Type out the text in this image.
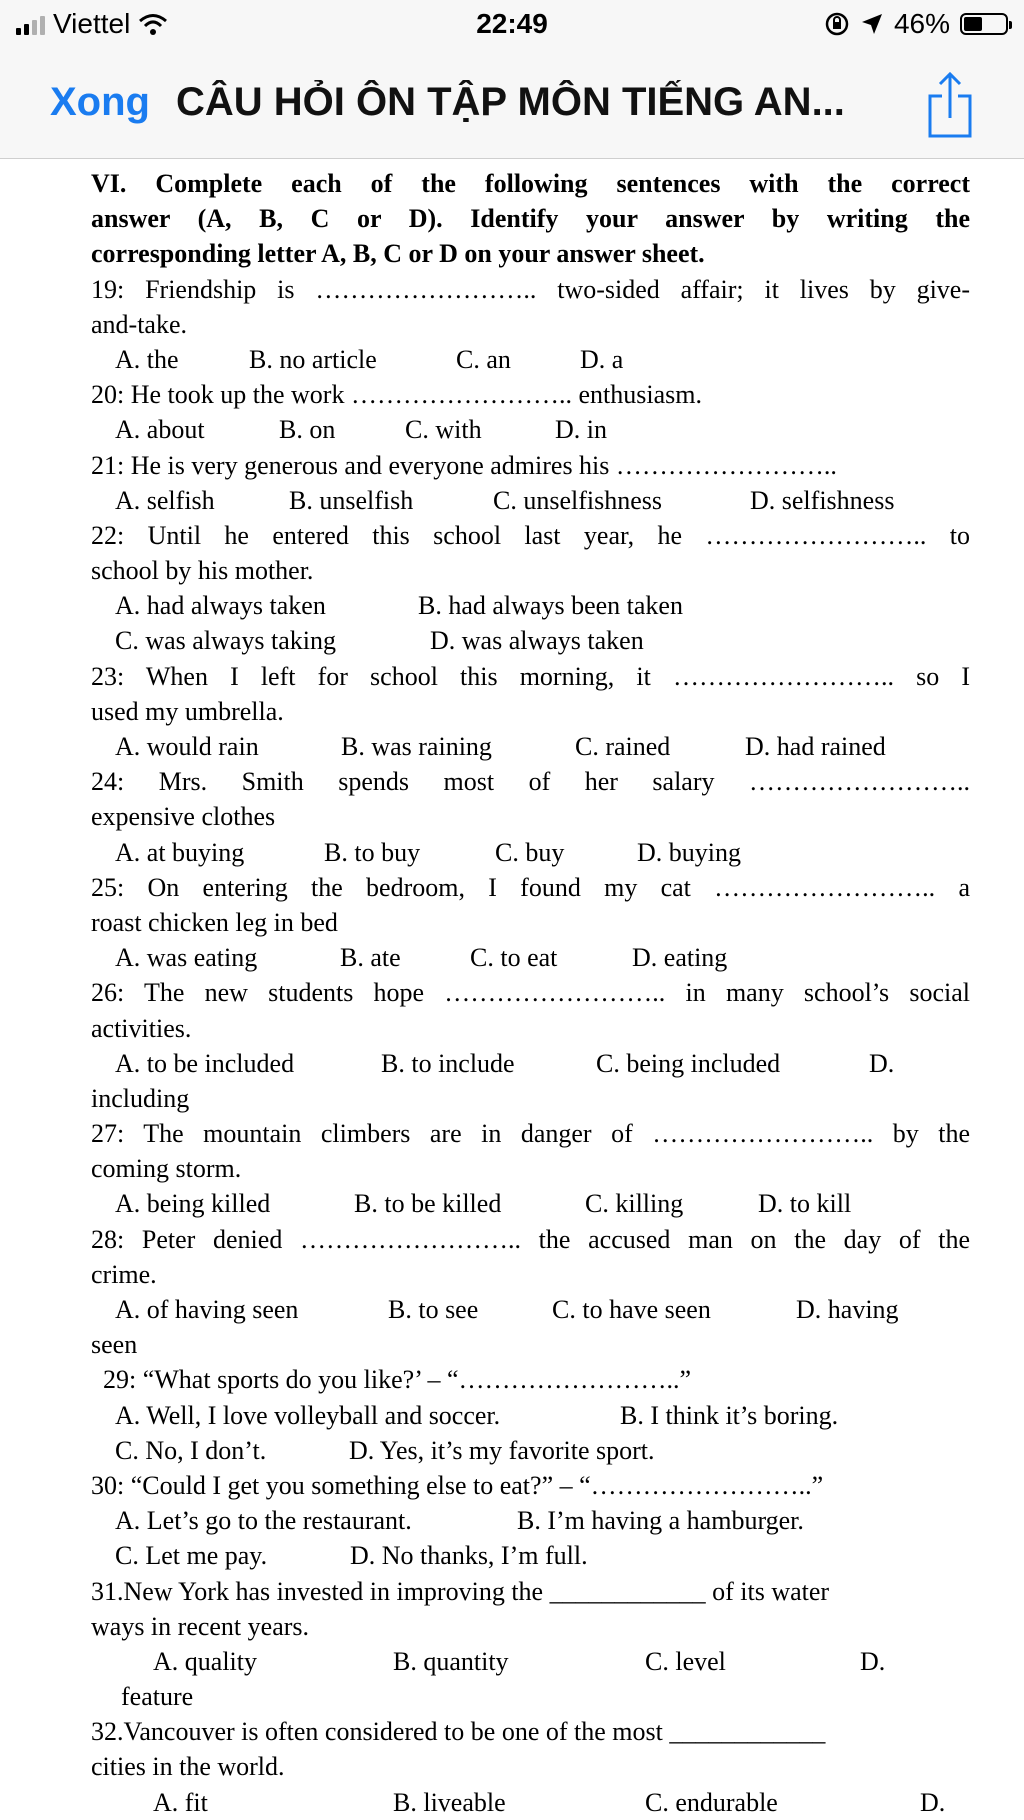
Viettel	22:49	46%
Xong CÂU HỎI ÔN TẬP MÔN TIẾNG AN...
VI. Complete each of the following sentences with the correct
answer (A, B, C or D). Identify your answer by writing the
corresponding letter A, B, C or D on your answer sheet.
19: Friendship is …………………….. two-sided affair; it lives by give-
and-take.
A. the	B. no article	C. an	D. a
20: He took up the work …………………….. enthusiasm.
A. about	B. on	C. with	D. in
21: He is very generous and everyone admires his ……………………..
A. selfish	B. unselfish	C. unselfishness	D. selfishness
22: Until he entered this school last year, he …………………….. to
school by his mother.
A. had always taken	B. had always been taken
C. was always taking	D. was always taken
23: When I left for school this morning, it …………………….. so I
used my umbrella.
A. would rain	B. was raining	C. rained	D. had rained
24: Mrs. Smith spends most of her salary ……………………..
expensive clothes
A. at buying	B. to buy	C. buy	D. buying
25: On entering the bedroom, I found my cat …………………….. a
roast chicken leg in bed
A. was eating	B. ate	C. to eat	D. eating
26: The new students hope …………………….. in many school’s social
activities.
A. to be included	B. to include	C. being included	D.
including
27: The mountain climbers are in danger of …………………….. by the
coming storm.
A. being killed	B. to be killed	C. killing	D. to kill
28: Peter denied …………………….. the accused man on the day of the
crime.
A. of having seen	B. to see	C. to have seen	D. having
seen
29: “What sports do you like?’ – “……………………..”
A. Well, I love volleyball and soccer.	B. I think it’s boring.
C. No, I don’t.	D. Yes, it’s my favorite sport.
30: “Could I get you something else to eat?” – “……………………..”
A. Let’s go to the restaurant.	B. I’m having a hamburger.
C. Let me pay.	D. No thanks, I’m full.
31.New York has invested in improving the ____________ of its water
ways in recent years.
A. quality	B. quantity	C. level	D.
feature
32.Vancouver is often considered to be one of the most ____________
cities in the world.
A. fit	B. liveable	C. endurable	D.
